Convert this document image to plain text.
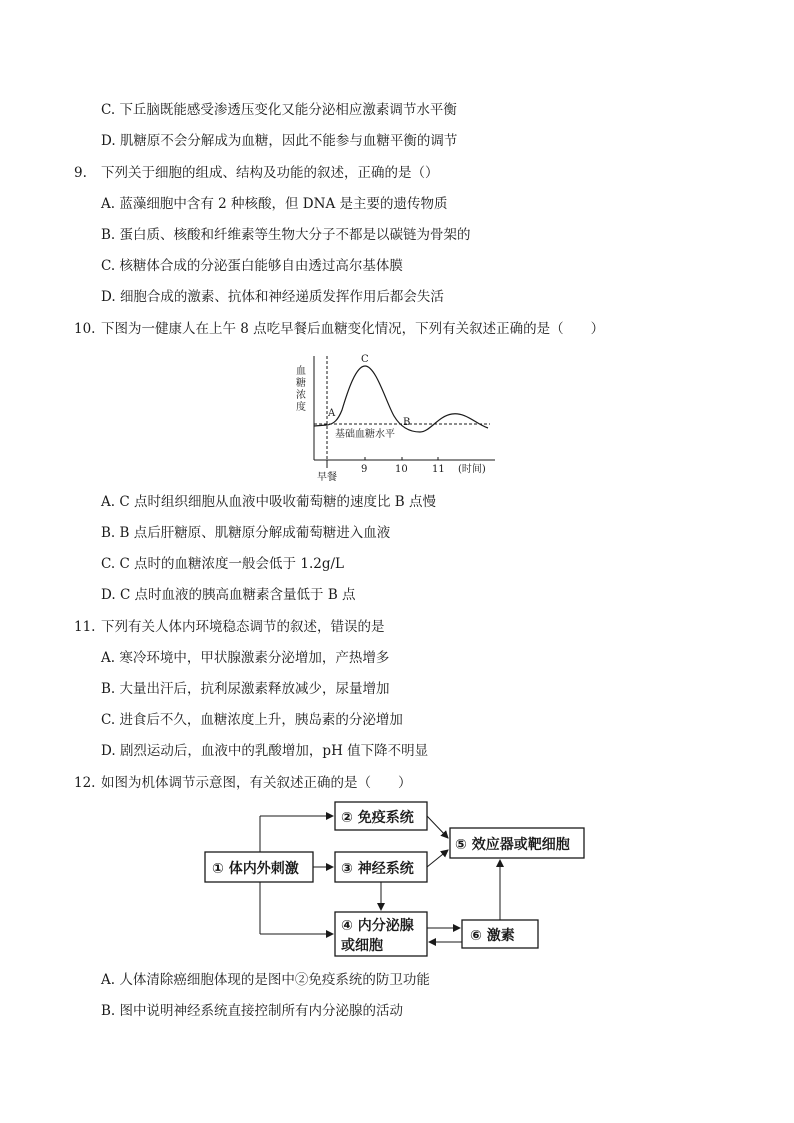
C. 下丘脑既能感受渗透压变化又能分泌相应激素调节水平衡
D. 肌糖原不会分解成为血糖，因此不能参与血糖平衡的调节
9. 下列关于细胞的组成、结构及功能的叙述，正确的是（）
A. 蓝藻细胞中含有 2 种核酸，但 DNA 是主要的遗传物质
B. 蛋白质、核酸和纤维素等生物大分子不都是以碳链为骨架的
C. 核糖体合成的分泌蛋白能够自由透过高尔基体膜
D. 细胞合成的激素、抗体和神经递质发挥作用后都会失活
10. 下图为一健康人在上午 8 点吃早餐后血糖变化情况，下列有关叙述正确的是（　　）
血
糖
浓
度
A
C
B
基础血糖水平
9	10 11 (时间)
早餐
A. C 点时组织细胞从血液中吸收葡萄糖的速度比 B 点慢
B. B 点后肝糖原、肌糖原分解成葡萄糖进入血液
C. C 点时的血糖浓度一般会低于 1.2g/L
D. C 点时血液的胰高血糖素含量低于 B 点
11. 下列有关人体内环境稳态调节的叙述，错误的是
A. 寒冷环境中，甲状腺激素分泌增加，产热增多
B. 大量出汗后，抗利尿激素释放减少，尿量增加
C. 进食后不久，血糖浓度上升，胰岛素的分泌增加
D. 剧烈运动后，血液中的乳酸增加，pH 值下降不明显
12. 如图为机体调节示意图，有关叙述正确的是（　　）
① 体内外刺激
② 免疫系统
③ 神经系统
④ 内分泌腺
或细胞
⑤ 效应器或靶细胞
⑥ 激素
A. 人体清除癌细胞体现的是图中②免疫系统的防卫功能
B. 图中说明神经系统直接控制所有内分泌腺的活动
